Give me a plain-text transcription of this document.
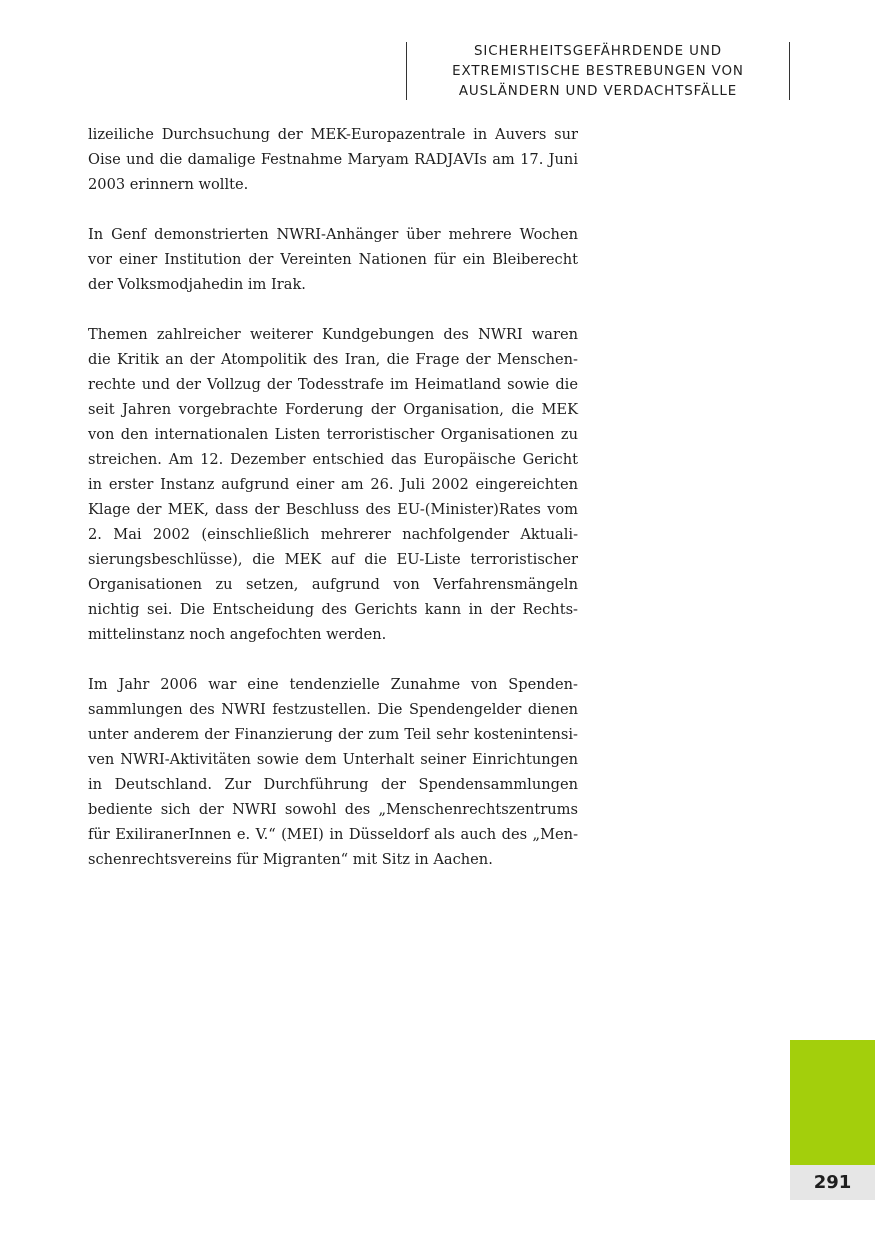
SICHERHEITSGEFÄHRDENDE UND
EXTREMISTISCHE BESTREBUNGEN VON
AUSLÄNDERN UND VERDACHTSFÄLLE

lizeiliche Durchsuchung der MEK-Europazentrale in Auvers sur
Oise und die damalige Festnahme Maryam RADJAVIs am 17. Juni
2003 erinnern wollte.

In Genf demonstrierten NWRI-Anhänger über mehrere Wochen
vor einer Institution der Vereinten Nationen für ein Bleiberecht
der Volksmodjahedin im Irak.

Themen zahlreicher weiterer Kundgebungen des NWRI waren
die Kritik an der Atompolitik des Iran, die Frage der Menschen-
rechte und der Vollzug der Todesstrafe im Heimatland sowie die
seit Jahren vorgebrachte Forderung der Organisation, die MEK
von den internationalen Listen terroristischer Organisationen zu
streichen. Am 12. Dezember entschied das Europäische Gericht
in erster Instanz aufgrund einer am 26. Juli 2002 eingereichten
Klage der MEK, dass der Beschluss des EU-(Minister)Rates vom
2. Mai 2002 (einschließlich mehrerer nachfolgender Aktuali-
sierungsbeschlüsse), die MEK auf die EU-Liste terroristischer
Organisationen zu setzen, aufgrund von Verfahrensmängeln
nichtig sei. Die Entscheidung des Gerichts kann in der Rechts-
mittelinstanz noch angefochten werden.

Im Jahr 2006 war eine tendenzielle Zunahme von Spenden-
sammlungen des NWRI festzustellen. Die Spendengelder dienen
unter anderem der Finanzierung der zum Teil sehr kostenintensi-
ven NWRI-Aktivitäten sowie dem Unterhalt seiner Einrichtungen
in Deutschland. Zur Durchführung der Spendensammlungen
bediente sich der NWRI sowohl des „Menschenrechtszentrums
für ExiliranerInnen e. V.“ (MEI) in Düsseldorf als auch des „Men-
schenrechtsvereins für Migranten“ mit Sitz in Aachen.

291
